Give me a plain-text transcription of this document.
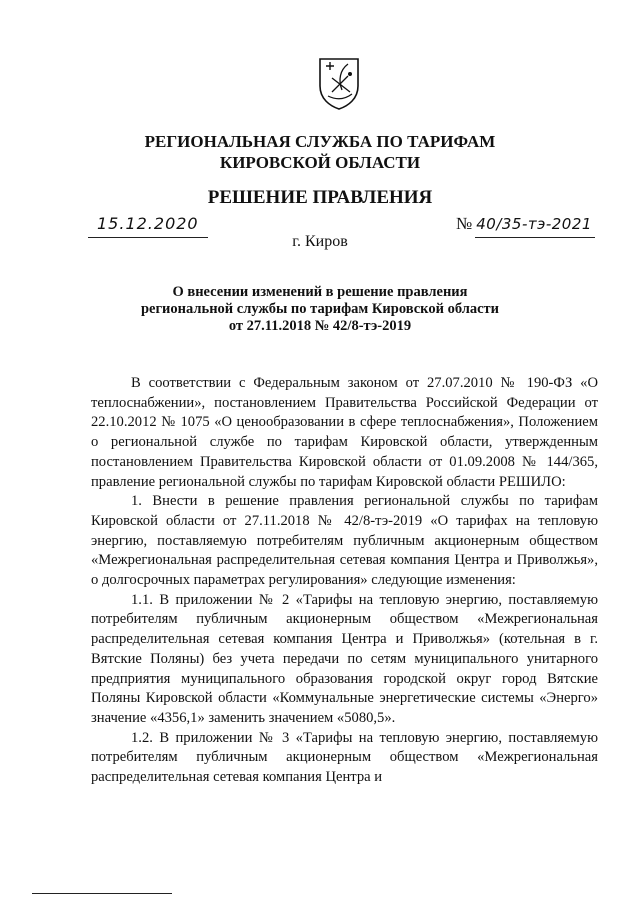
РЕГИОНАЛЬНАЯ СЛУЖБА ПО ТАРИФАМ
КИРОВСКОЙ ОБЛАСТИ
РЕШЕНИЕ ПРАВЛЕНИЯ
15.12.2020	№ 40/35-тэ-2021
г. Киров
О внесении изменений в решение правления
региональной службы по тарифам Кировской области
от 27.11.2018 № 42/8-тэ-2019

В соответствии с Федеральным законом от 27.07.2010 № 190-ФЗ «О теплоснабжении», постановлением Правительства Российской Федерации от 22.10.2012 № 1075 «О ценообразовании в сфере теплоснабжения», Положением о региональной службе по тарифам Кировской области, утвержденным постановлением Правительства Кировской области от 01.09.2008 № 144/365, правление региональной службы по тарифам Кировской области РЕШИЛО:

1. Внести в решение правления региональной службы по тарифам Кировской области от 27.11.2018 № 42/8-тэ-2019 «О тарифах на тепловую энергию, поставляемую потребителям публичным акционерным обществом «Межрегиональная распределительная сетевая компания Центра и Приволжья», о долгосрочных параметрах регулирования» следующие изменения:

1.1. В приложении № 2 «Тарифы на тепловую энергию, поставляемую потребителям публичным акционерным обществом «Межрегиональная распределительная сетевая компания Центра и Приволжья» (котельная в г. Вятские Поляны) без учета передачи по сетям муниципального унитарного предприятия муниципального образования городской округ город Вятские Поляны Кировской области «Коммунальные энергетические системы «Энерго» значение «4356,1» заменить значением «5080,5».

1.2. В приложении № 3 «Тарифы на тепловую энергию, поставляемую потребителям публичным акционерным обществом «Межрегиональная распределительная сетевая компания Центра и
